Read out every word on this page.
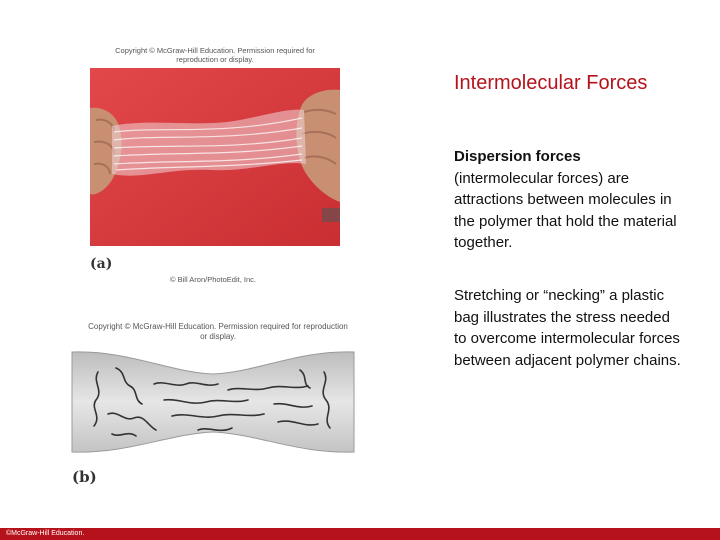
Copyright © McGraw-Hill Education. Permission required for reproduction or display.
(a)
© Bill Aron/PhotoEdit, Inc.
Copyright © McGraw-Hill Education. Permission required for reproduction or display.
(b)
Intermolecular Forces

Dispersion forces (intermolecular forces) are attractions between molecules in the polymer that hold the material together.

Stretching or “necking” a plastic bag illustrates the stress needed to overcome intermolecular forces between adjacent polymer chains.

©McGraw-Hill Education.
